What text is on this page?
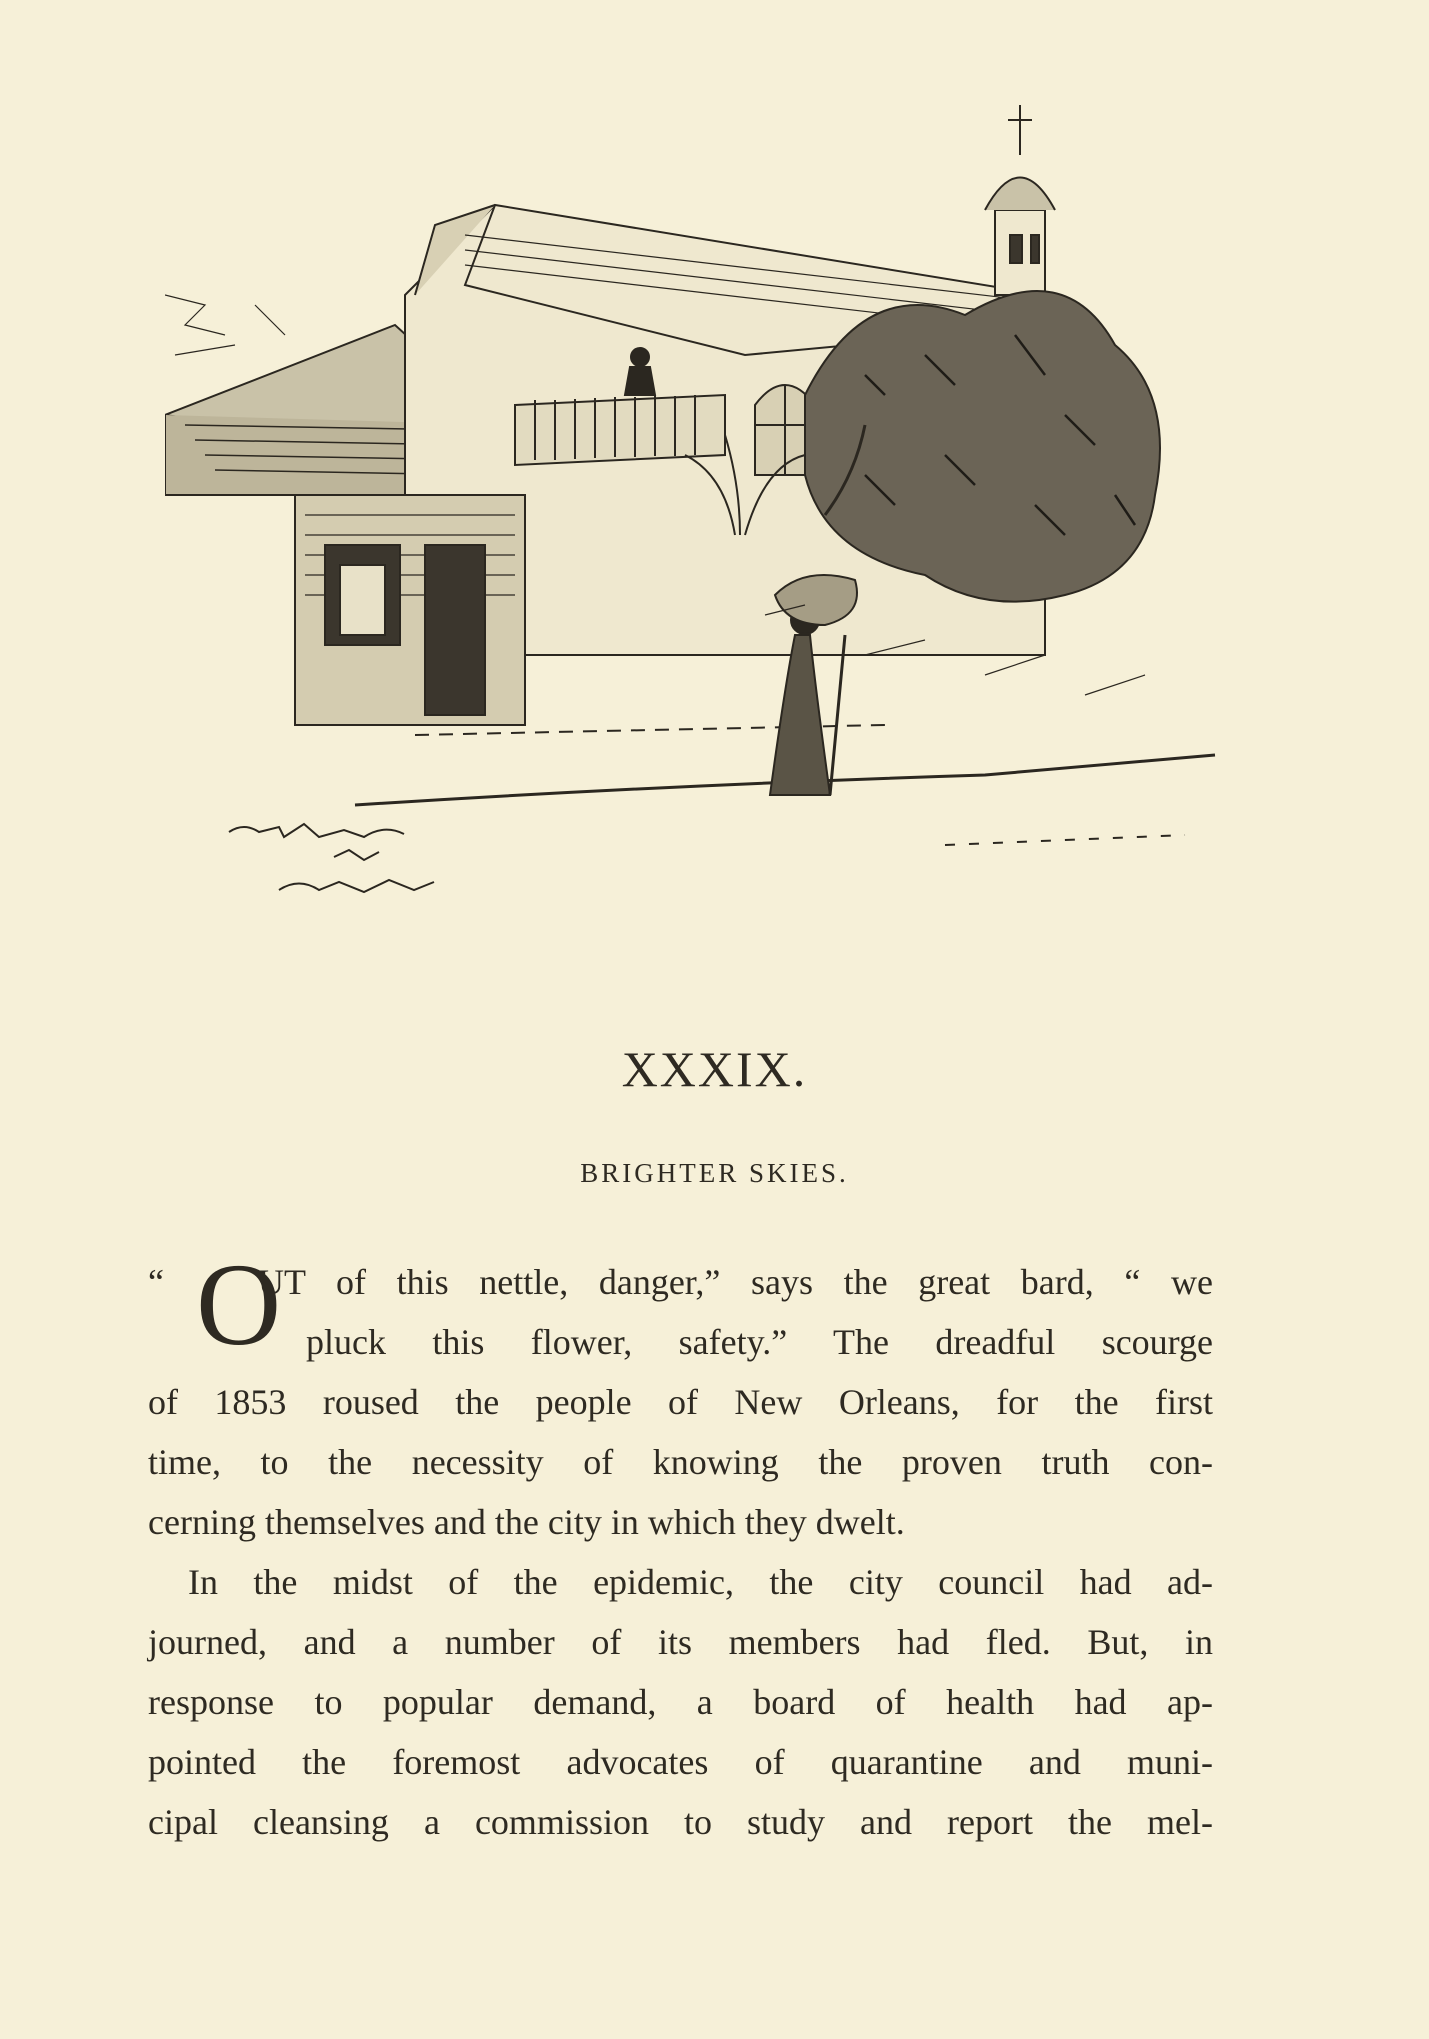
XXXIX.
BRIGHTER SKIES.
“ O
UT of this nettle, danger,” says the great bard, “ we
pluck this flower, safety.” The dreadful scourge
of 1853 roused the people of New Orleans, for the first
time, to the necessity of knowing the proven truth con-
cerning themselves and the city in which they dwelt.
In the midst of the epidemic, the city council had ad-
journed, and a number of its members had fled. But, in
response to popular demand, a board of health had ap-
pointed the foremost advocates of quarantine and muni-
cipal cleansing a commission to study and report the mel-
